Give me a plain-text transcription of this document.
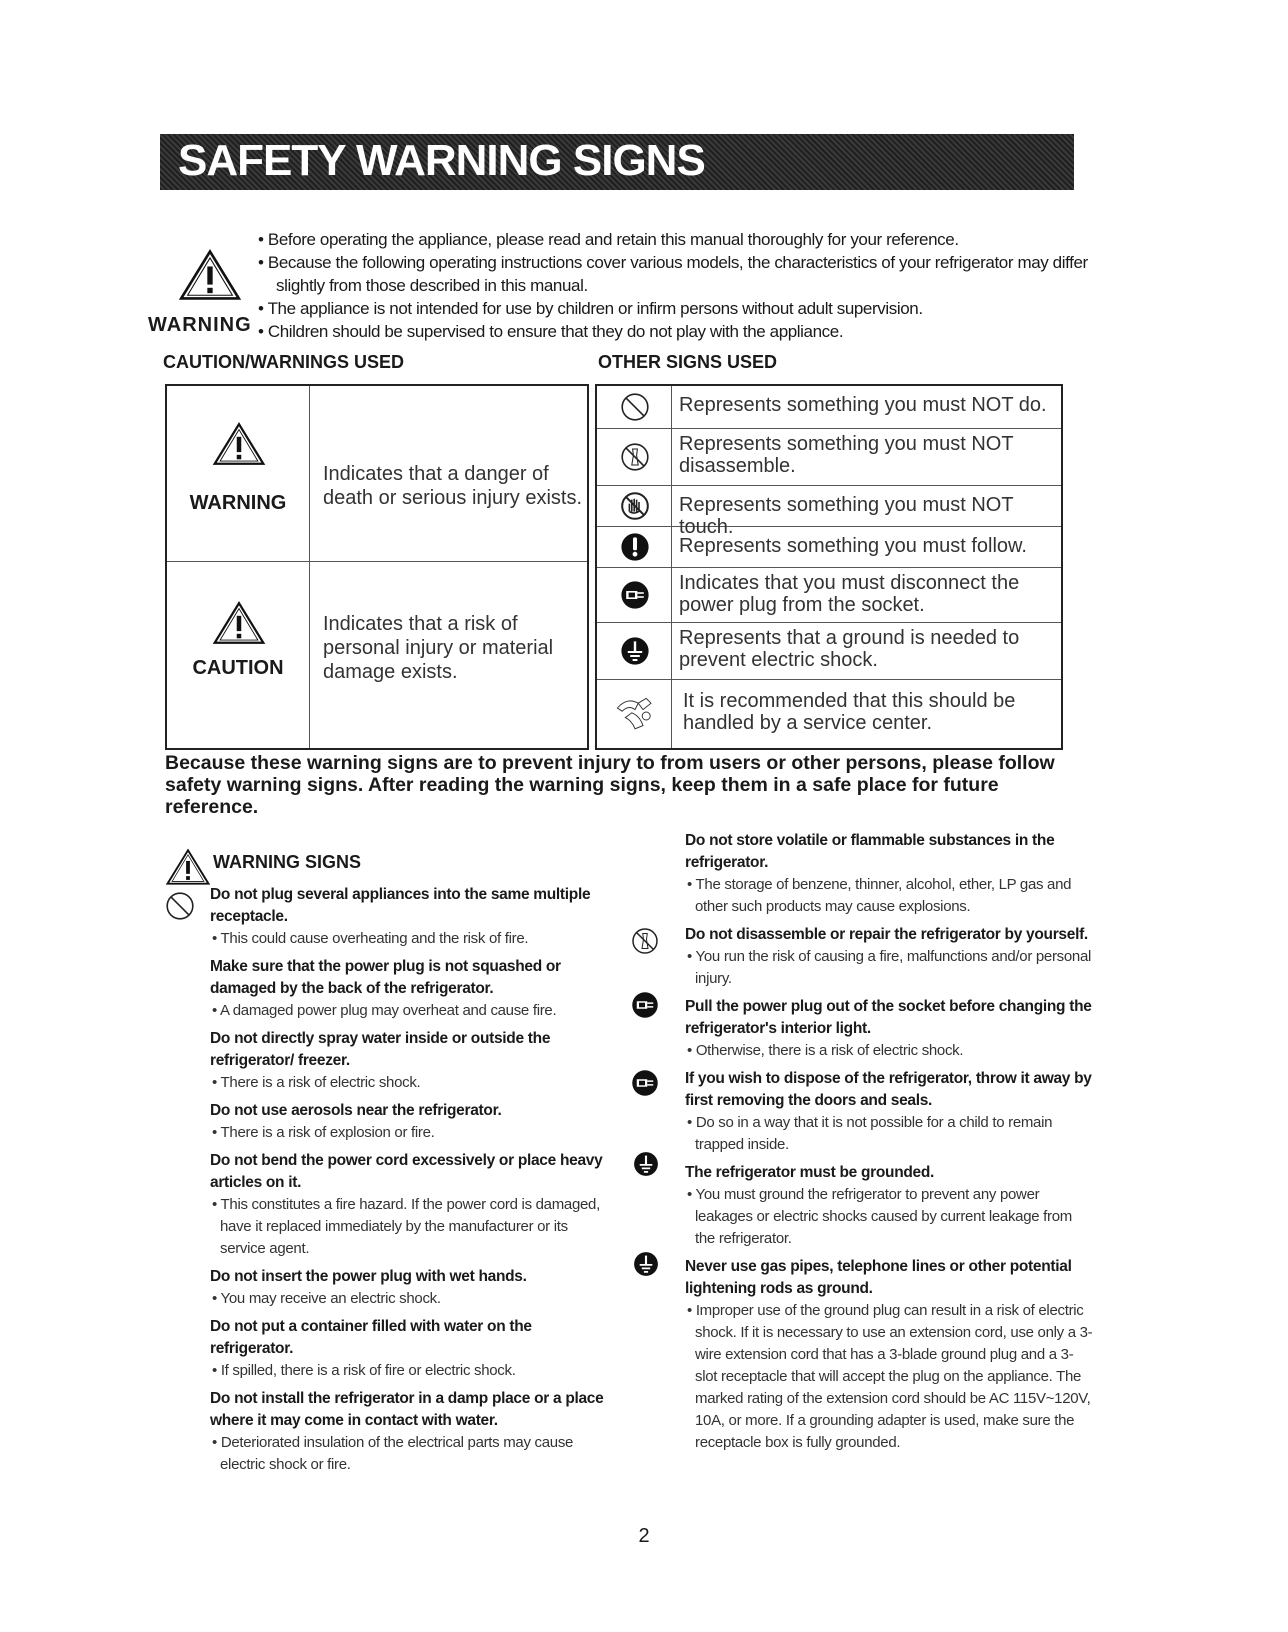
SAFETY WARNING SIGNS
WARNING
• Before operating the appliance, please read and retain this manual thoroughly for your reference.
• Because the following operating instructions cover various models, the characteristics of your refrigerator may differ slightly from those described in this manual.
• The appliance is not intended for use by children or infirm persons without adult supervision.
• Children should be supervised to ensure that they do not play with the appliance.
CAUTION/WARNINGS USED	OTHER SIGNS USED
WARNING
Indicates that a danger of death or serious injury exists.
CAUTION
Indicates that a risk of personal injury or material damage exists.
Represents something you must NOT do.
Represents something you must NOT disassemble.
Represents something you must NOT touch.
Represents something you must follow.
Indicates that you must disconnect the power plug from the socket.
Represents that a ground is needed to prevent electric shock.
It is recommended that this should be handled by a service center.
Because these warning signs are to prevent injury to from users or other persons, please follow safety warning signs. After reading the warning signs, keep them in a safe place for future reference.
WARNING SIGNS
Do not plug several appliances into the same multiple receptacle.
• This could cause overheating and the risk of fire.
Make sure that the power plug is not squashed or damaged by the back of the refrigerator.
• A damaged power plug may overheat and cause fire.
Do not directly spray water inside or outside the refrigerator/ freezer.
• There is a risk of electric shock.
Do not use aerosols near the refrigerator.
• There is a risk of explosion or fire.
Do not bend the power cord excessively or place heavy articles on it.
• This constitutes a fire hazard. If the power cord is damaged, have it replaced immediately by the manufacturer or its service agent.
Do not insert the power plug with wet hands.
• You may receive an electric shock.
Do not put a container filled with water on the refrigerator.
• If spilled, there is a risk of fire or electric shock.
Do not install the refrigerator in a damp place or a place where it may come in contact with water.
• Deteriorated insulation of the electrical parts may cause electric shock or fire.
Do not store volatile or flammable substances in the refrigerator.
• The storage of benzene, thinner, alcohol, ether, LP gas and other such products may cause explosions.
Do not disassemble or repair the refrigerator by yourself.
• You run the risk of causing a fire, malfunctions and/or personal injury.
Pull the power plug out of the socket before changing the refrigerator's interior light.
• Otherwise, there is a risk of electric shock.
If you wish to dispose of the refrigerator, throw it away by first removing the doors and seals.
• Do so in a way that it is not possible for a child to remain trapped inside.
The refrigerator must be grounded.
• You must ground the refrigerator to prevent any power leakages or electric shocks caused by current leakage from the refrigerator.
Never use gas pipes, telephone lines or other potential lightening rods as ground.
• Improper use of the ground plug can result in a risk of electric shock. If it is necessary to use an extension cord, use only a 3-wire extension cord that has a 3-blade ground plug and a 3-slot receptacle that will accept the plug on the appliance. The marked rating of the extension cord should be AC 115V~120V, 10A, or more. If a grounding adapter is used, make sure the receptacle box is fully grounded.
2
